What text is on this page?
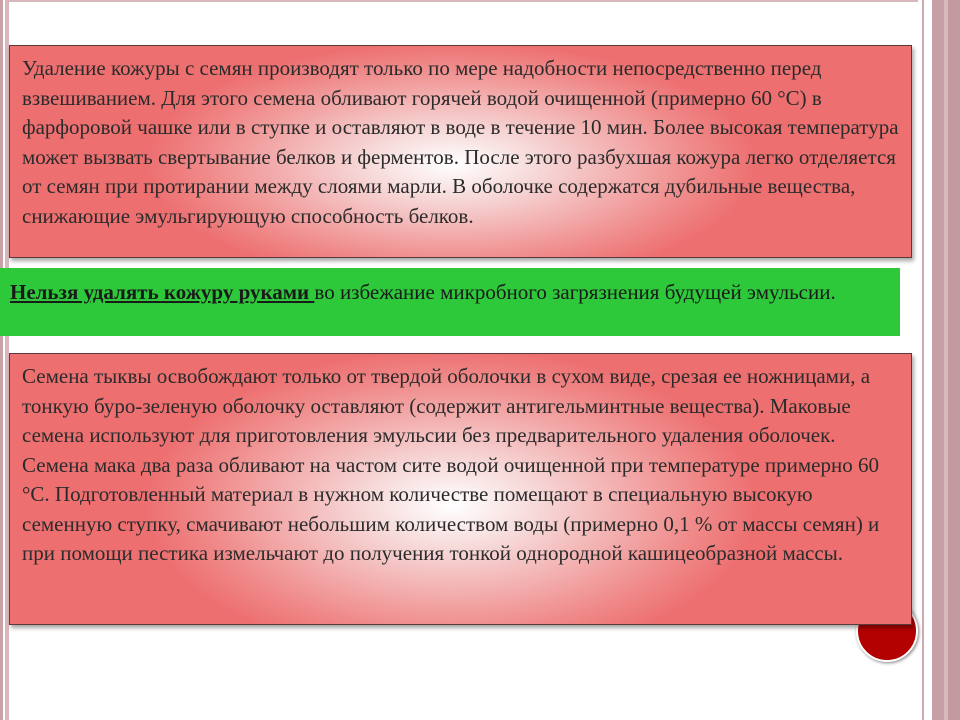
Удаление кожуры с семян производят только по мере надобности непосредственно перед взвешиванием. Для этого семена обливают горячей водой очищенной (примерно 60 °С) в фарфоровой чашке или в ступке и оставляют в воде в течение 10 мин. Более высокая температура может вызвать свертывание белков и ферментов. После этого разбухшая кожура легко отделяется от семян при протирании между слоями марли. В оболочке содержатся дубильные вещества, снижающие эмульгирующую способность белков.

Нельзя удалять кожуру руками во избежание микробного загрязнения будущей эмульсии.

Семена тыквы освобождают только от твердой оболочки в сухом виде, срезая ее ножницами, а тонкую буро-зеленую оболочку оставляют (содержит антигельминтные вещества). Маковые семена используют для приготовления эмульсии без предварительного удаления оболочек. Семена мака два раза обливают на частом сите водой очищенной при температуре примерно 60 °С. Подготовленный материал в нужном количестве помещают в специальную высокую семенную ступку, смачивают небольшим количеством воды (примерно 0,1 % от массы семян) и при помощи пестика измельчают до получения тонкой однородной кашицеобразной массы.
